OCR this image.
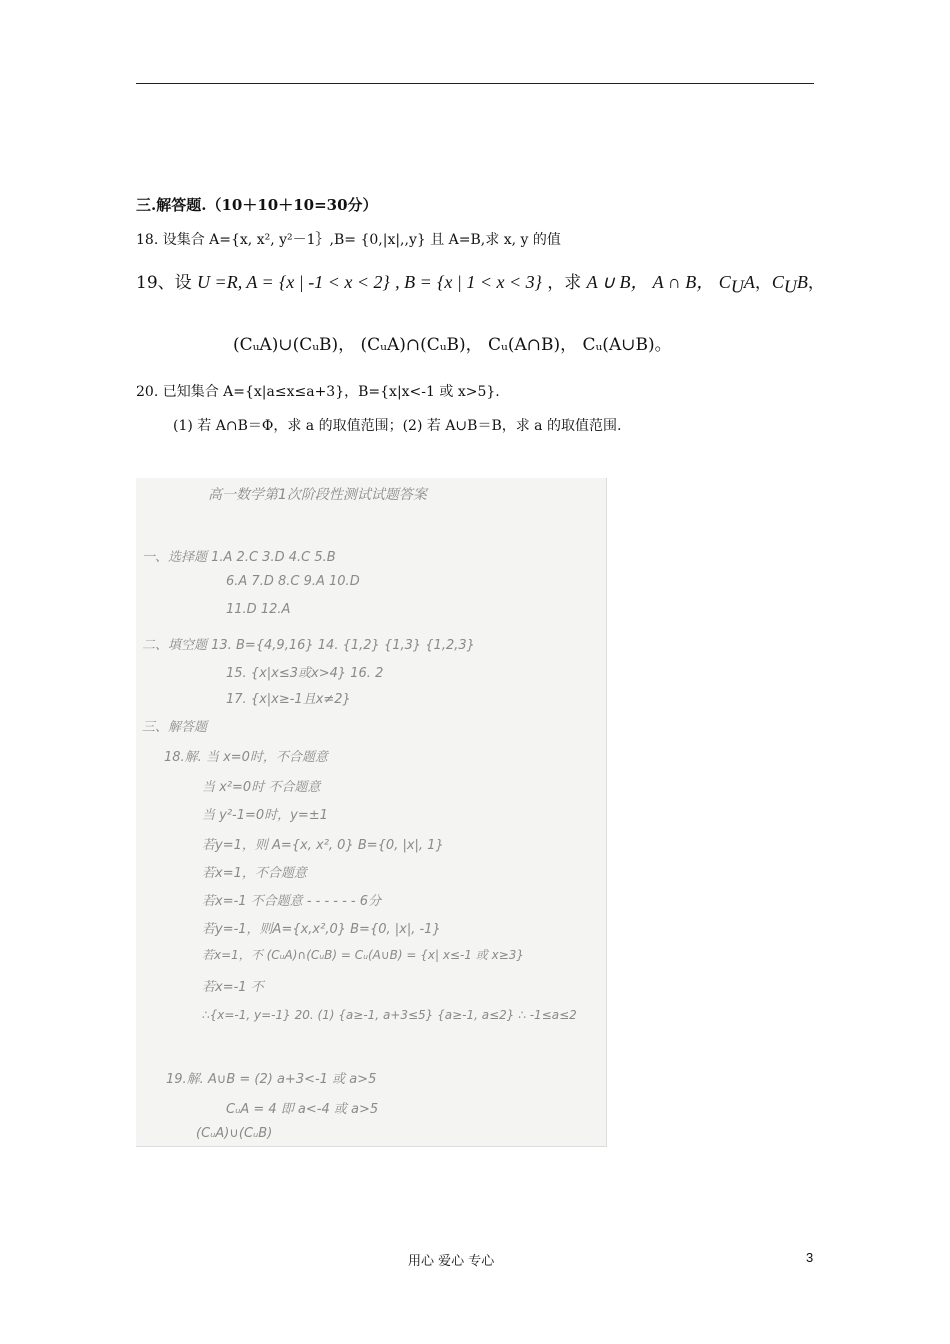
三.解答题.（10＋10＋10=30分）
18. 设集合 A={x, x², y²－1｝,B= {0,|x|,,y} 且 A=B,求 x, y 的值
19、设 U =R, A = {x | -1 < x < 2} , B = {x | 1 < x < 3} ，求 A ∪ B， A ∩ B， $C_UA$，$C_UB$，
(CᵤA)∪(CᵤB)， (CᵤA)∩(CᵤB)， Cᵤ(A∩B)， Cᵤ(A∪B)。
20. 已知集合 A={x|a≤x≤a+3}，B={x|x<-1 或 x>5}.
(1) 若 A∩B＝Φ，求 a 的取值范围；(2) 若 A∪B＝B，求 a 的取值范围.
高一数学第1次阶段性测试试题答案
一、选择题 1.A 2.C 3.D 4.C 5.B
6.A 7.D 8.C 9.A 10.D
11.D 12.A
二、填空题 13. B={4,9,16} 14. {1,2} {1,3} {1,2,3}
15. {x|x≤3或x>4} 16. 2
17. {x|x≥-1且x≠2}
三、解答题
18.解. 当 x=0时，不合题意
当 x²=0时 不合题意
当 y²-1=0时，y=±1
若y=1，则 A={x, x², 0} B={0, |x|, 1}
若x=1，不合题意
若x=-1 不合题意 - - - - - - 6分
若y=-1，则A={x,x²,0} B={0, |x|, -1}
若x=1，不 (CᵤA)∩(CᵤB) = Cᵤ(A∪B) = {x| x≤-1 或 x≥3}
若x=-1 不
∴{x=-1, y=-1} 20. (1) {a≥-1, a+3≤5} {a≥-1, a≤2} ∴ -1≤a≤2
19.解. A∪B = (2) a+3<-1 或 a>5
CᵤA = 4 即 a<-4 或 a>5
(CᵤA)∪(CᵤB)
用心 爱心 专心	3
